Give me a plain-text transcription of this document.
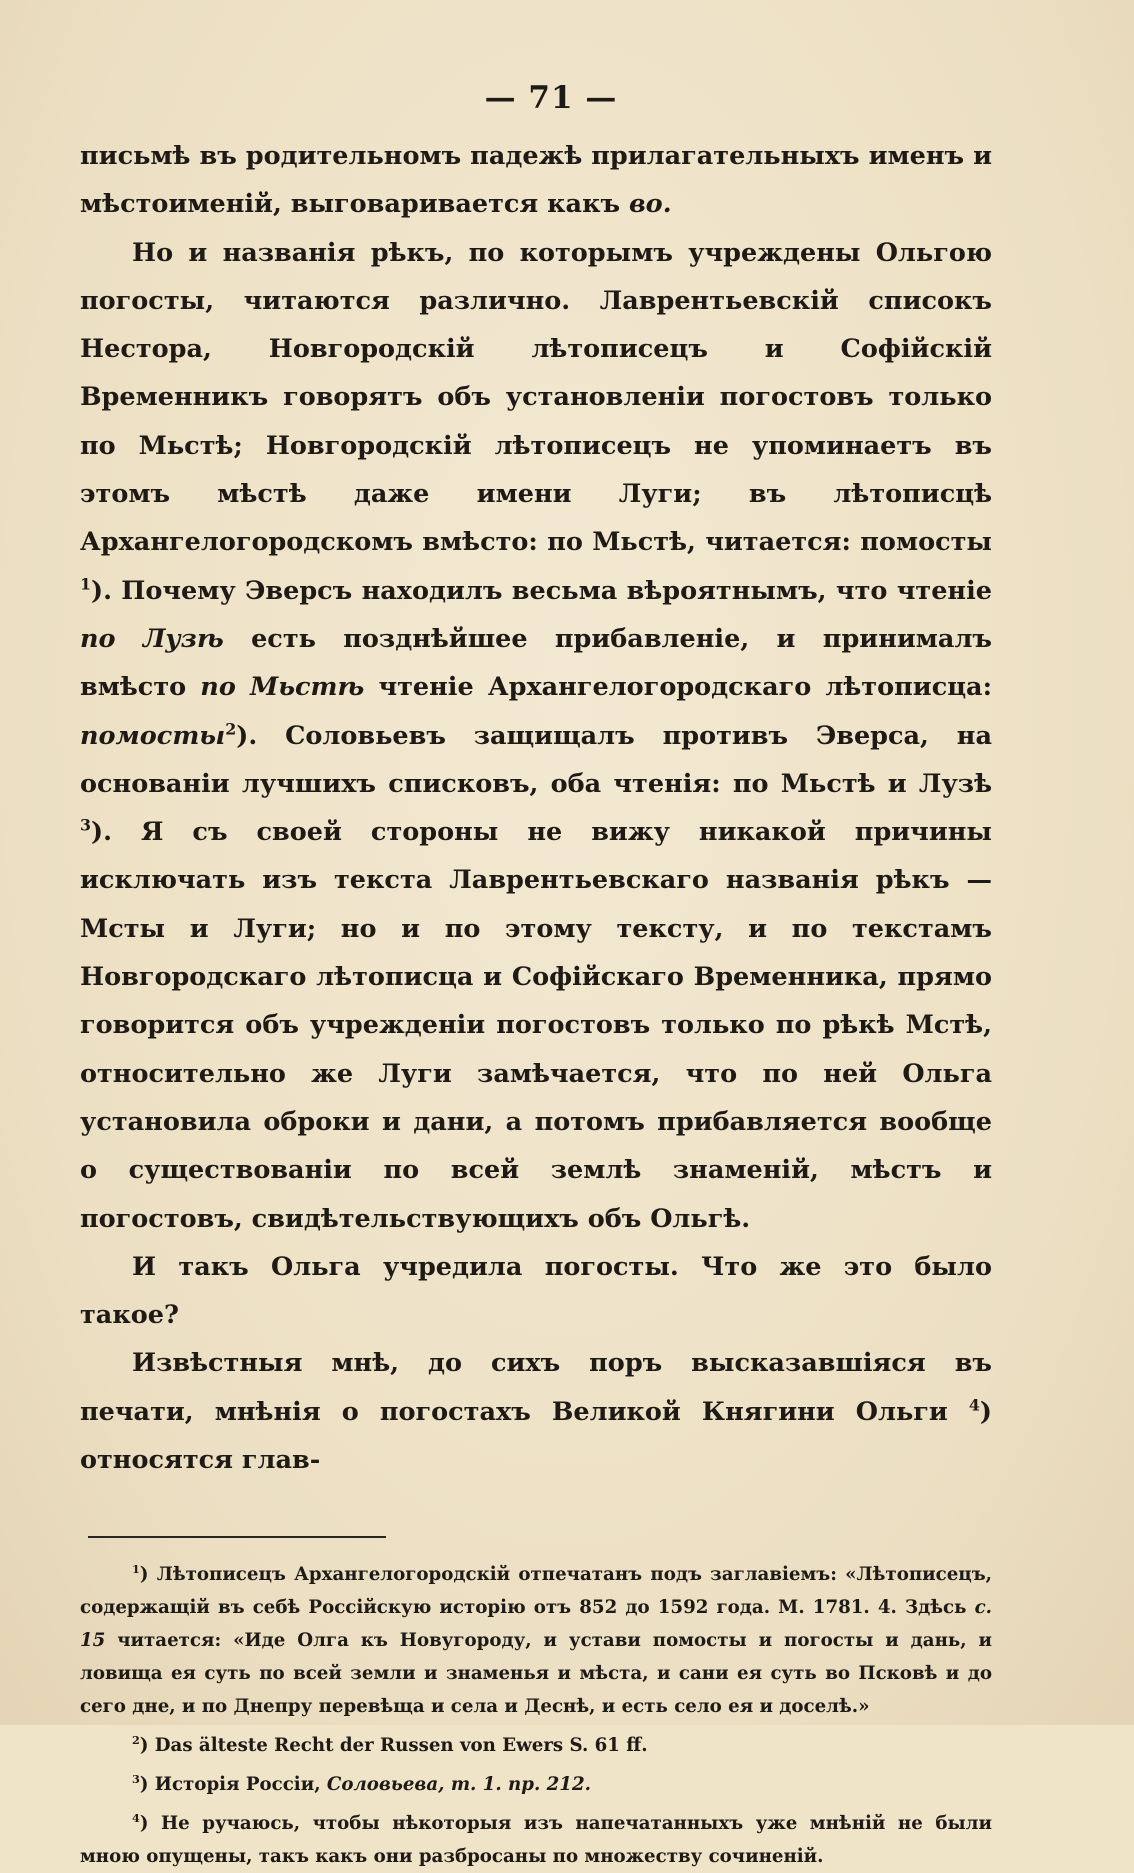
— 71 —

письмѣ въ родительномъ падежѣ прилагательныхъ именъ и мѣстоименій, выговаривается какъ во.

Но и названія рѣкъ, по которымъ учреждены Ольгою погосты, читаются различно. Лаврентьевскій списокъ Нестора, Новгородскій лѣтописецъ и Софійскій Временникъ говорятъ объ установленіи погостовъ только по Мьстѣ; Новгородскій лѣтописецъ не упоминаетъ въ этомъ мѣстѣ даже имени Луги; въ лѣтописцѣ Архангелогородскомъ вмѣсто: по Мьстѣ, читается: помосты $^1$). Почему Эверсъ находилъ весьма вѣроятнымъ, что чтеніе по Лузѣ есть позднѣйшее прибавленіе, и принималъ вмѣсто по Мьстѣ чтеніе Архангелогородскаго лѣтописца: помосты$^2$). Соловьевъ защищалъ противъ Эверса, на основаніи лучшихъ списковъ, оба чтенія: по Мьстѣ и Лузѣ $^3$). Я съ своей стороны не вижу никакой причины исключать изъ текста Лаврентьевскаго названія рѣкъ — Мсты и Луги; но и по этому тексту, и по текстамъ Новгородскаго лѣтописца и Софійскаго Временника, прямо говорится объ учрежденіи погостовъ только по рѣкѣ Мстѣ, относительно же Луги замѣчается, что по ней Ольга установила оброки и дани, а потомъ прибавляется вообще о существованіи по всей землѣ знаменій, мѣстъ и погостовъ, свидѣтельствующихъ объ Ольгѣ.

И такъ Ольга учредила погосты. Что же это было такое?

Извѣстныя мнѣ, до сихъ поръ высказавшіяся въ печати, мнѣнія о погостахъ Великой Княгини Ольги $^4$) относятся глав-

$^1$) Лѣтописецъ Архангелогородскій отпечатанъ подъ заглавіемъ: «Лѣтописецъ, содержащій въ себѣ Россійскую исторію отъ 852 до 1592 года. М. 1781. 4. Здѣсь с. 15 читается: «Иде Олга къ Новугороду, и устави помосты и погосты и дань, и ловища ея суть по всей земли и знаменья и мѣста, и сани ея суть во Псковѣ и до сего дне, и по Днепру перевѣща и села и Деснѣ, и есть село ея и доселѣ.»

$^2$) Das älteste Recht der Russen von Ewers S. 61 ff.

$^3$) Исторія Россіи, Соловьева, т. 1. пр. 212.

$^4$) Не ручаюсь, чтобы нѣкоторыя изъ напечатанныхъ уже мнѣній не были мною опущены, такъ какъ они разбросаны по множеству сочиненій.
